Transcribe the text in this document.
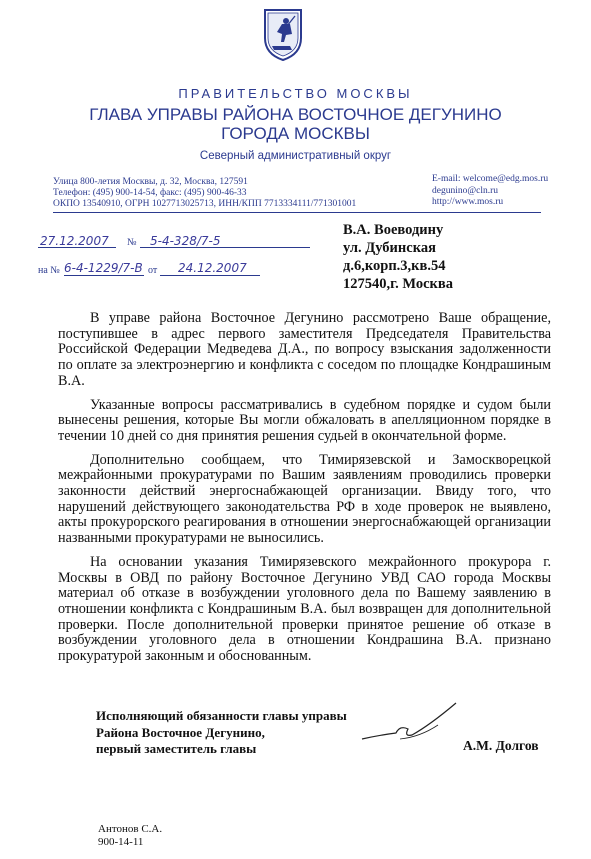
ПРАВИТЕЛЬСТВО МОСКВЫ
ГЛАВА УПРАВЫ РАЙОНА ВОСТОЧНОЕ ДЕГУНИНО
ГОРОДА МОСКВЫ
Северный административный округ
Улица 800-летия Москвы, д. 32, Москва, 127591
Телефон: (495) 900-14-54, факс: (495) 900-46-33
ОКПО 13540910, ОГРН 1027713025713, ИНН/КПП 7713334111/771301001
E-mail: welcome@edg.mos.ru
degunino@cln.ru
http://www.mos.ru
27.12.2007 № 5-4-328/7-5
на № 6-4-1229/7-В от 24.12.2007
В.А. Воеводину
ул. Дубинская
д.6,корп.3,кв.54
127540,г. Москва

В управе района Восточное Дегунино рассмотрено Ваше обращение, поступившее в адрес первого заместителя Председателя Правительства Российской Федерации Медведева Д.А., по вопросу взыскания задолженности по оплате за электроэнергию и конфликта с соседом по площадке Кондрашиным В.А.

Указанные вопросы рассматривались в судебном порядке и судом были вынесены решения, которые Вы могли обжаловать в апелляционном порядке в течении 10 дней со дня принятия решения судьей в окончательной форме.

Дополнительно сообщаем, что Тимирязевской и Замоскворецкой межрайонными прокуратурами по Вашим заявлениям проводились проверки законности действий энергоснабжающей организации. Ввиду того, что нарушений действующего законодательства РФ в ходе проверок не выявлено, акты прокурорского реагирования в отношении энергоснабжающей организации названными прокуратурами не выносились.

На основании указания Тимирязевского межрайонного прокурора г. Москвы в ОВД по району Восточное Дегунино УВД САО города Москвы материал об отказе в возбуждении уголовного дела по Вашему заявлению в отношении конфликта с Кондрашиным В.А. был возвращен для дополнительной проверки. После дополнительной проверки принятое решение об отказе в возбуждении уголовного дела в отношении Кондрашина В.А. признано прокуратурой законным и обоснованным.

Исполняющий обязанности главы управы
Района Восточное Дегунино,
первый заместитель главы	А.М. Долгов
Антонов С.А.
900-14-11
